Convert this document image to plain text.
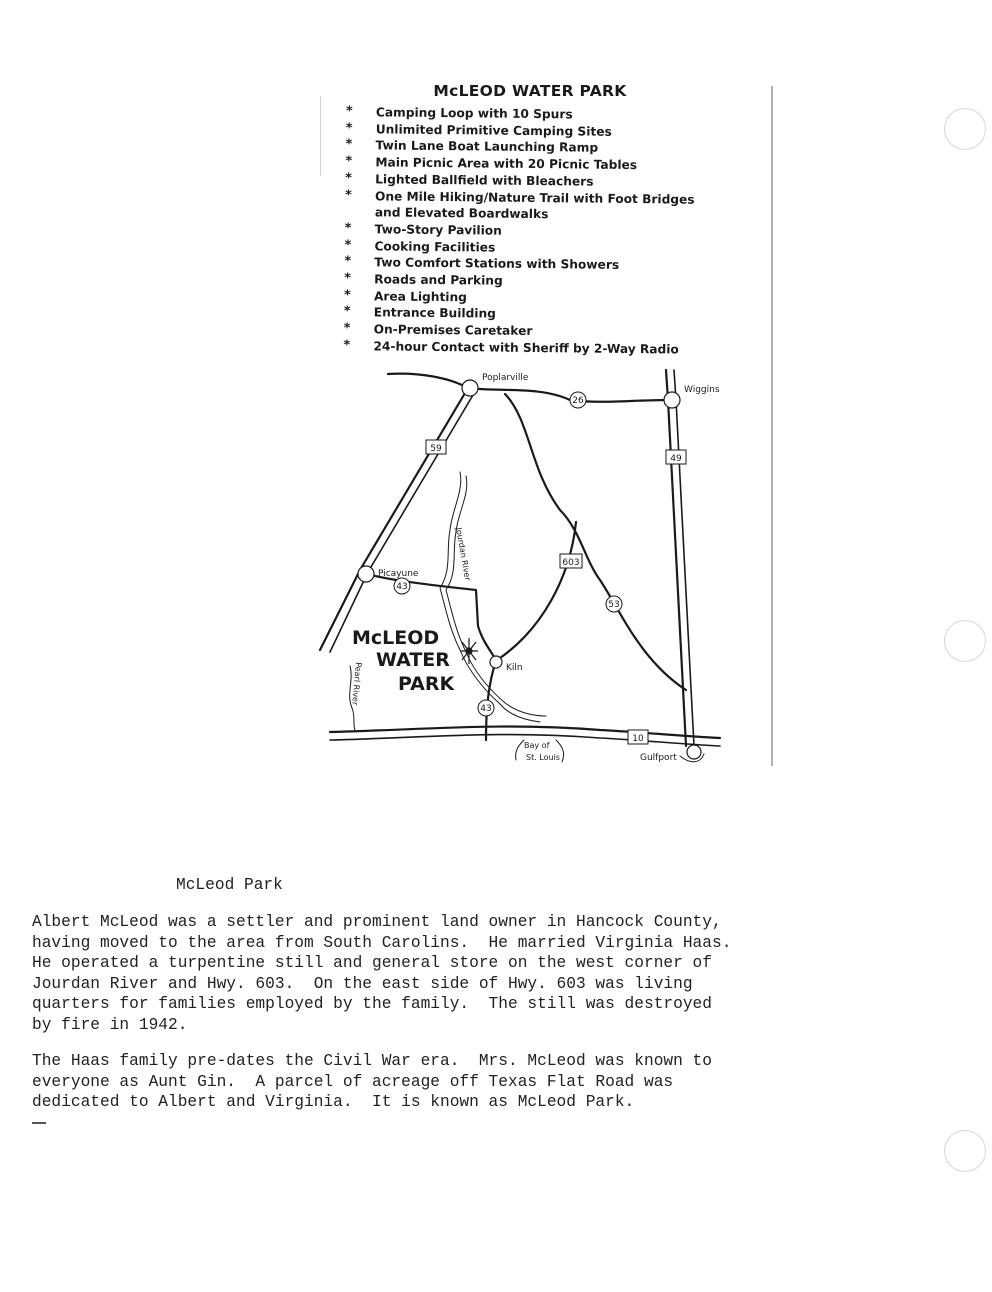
McLEOD WATER PARK
* Camping Loop with 10 Spurs
* Unlimited Primitive Camping Sites
* Twin Lane Boat Launching Ramp
* Main Picnic Area with 20 Picnic Tables
* Lighted Ballfield with Bleachers
* One Mile Hiking/Nature Trail with Foot Bridges
and Elevated Boardwalks
* Two-Story Pavilion
* Cooking Facilities
* Two Comfort Stations with Showers
* Roads and Parking
* Area Lighting
* Entrance Building
* On-Premises Caretaker
* 24-hour Contact with Sheriff by 2-Way Radio
59
26
49
603
43
53
43
10
Poplarville
Wiggins
Picayune
Kiln
Gulfport
Jourdan River
Pearl River
Bay of
St. Louis
McLEOD
WATER
PARK

McLeod Park

Albert McLeod was a settler and prominent land owner in Hancock County,
having moved to the area from South Carolins.  He married Virginia Haas.
He operated a turpentine still and general store on the west corner of
Jourdan River and Hwy. 603.  On the east side of Hwy. 603 was living
quarters for families employed by the family.  The still was destroyed
by fire in 1942.

The Haas family pre-dates the Civil War era.  Mrs. McLeod was known to
everyone as Aunt Gin.  A parcel of acreage off Texas Flat Road was
dedicated to Albert and Virginia.  It is known as McLeod Park.
